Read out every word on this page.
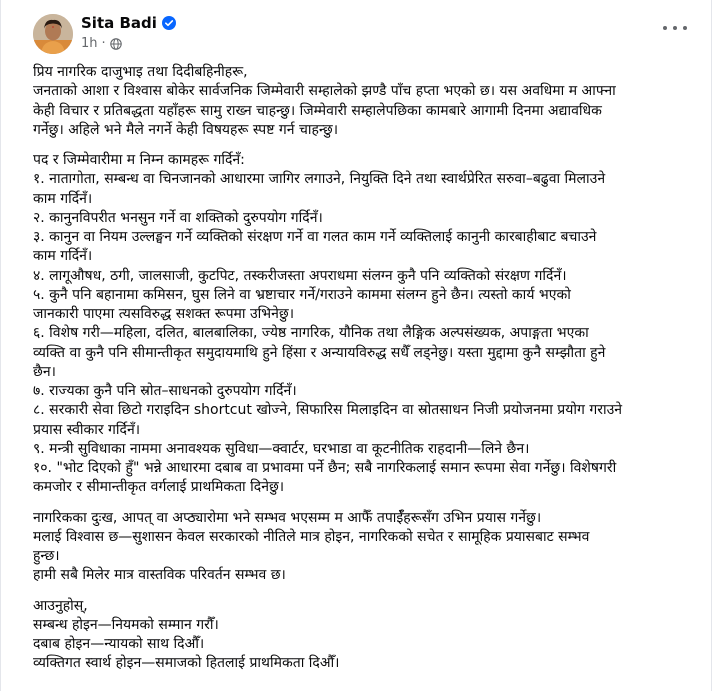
Sita Badi
1h ·
प्रिय नागरिक दाजुभाइ तथा दिदीबहिनीहरू,
जनताको आशा र विश्वास बोकेर सार्वजनिक जिम्मेवारी सम्हालेको झण्डै पाँच हप्ता भएको छ। यस अवधिमा म आफ्ना
केही विचार र प्रतिबद्धता यहाँहरू सामु राख्न चाहन्छु। जिम्मेवारी सम्हालेपछिका कामबारे आगामी दिनमा अद्यावधिक
गर्नेछु। अहिले भने मैले नगर्ने केही विषयहरू स्पष्ट गर्न चाहन्छु।
पद र जिम्मेवारीमा म निम्न कामहरू गर्दिनँ:
१. नातागोता, सम्बन्ध वा चिनजानको आधारमा जागिर लगाउने, नियुक्ति दिने तथा स्वार्थप्रेरित सरुवा–बढुवा मिलाउने
काम गर्दिनँ।
२. कानुनविपरीत भनसुन गर्ने वा शक्तिको दुरुपयोग गर्दिनँ।
३. कानुन वा नियम उल्लङ्घन गर्ने व्यक्तिको संरक्षण गर्ने वा गलत काम गर्ने व्यक्तिलाई कानुनी कारबाहीबाट बचाउने
काम गर्दिनँ।
४. लागूऔषध, ठगी, जालसाजी, कुटपिट, तस्करीजस्ता अपराधमा संलग्न कुनै पनि व्यक्तिको संरक्षण गर्दिनँ।
५. कुनै पनि बहानामा कमिसन, घुस लिने वा भ्रष्टाचार गर्ने/गराउने काममा संलग्न हुने छैन। त्यस्तो कार्य भएको
जानकारी पाएमा त्यसविरुद्ध सशक्त रूपमा उभिनेछु।
६. विशेष गरी—महिला, दलित, बालबालिका, ज्येष्ठ नागरिक, यौनिक तथा लैङ्गिक अल्पसंख्यक, अपाङ्गता भएका
व्यक्ति वा कुनै पनि सीमान्तीकृत समुदायमाथि हुने हिंसा र अन्यायविरुद्ध सधैँ लड्नेछु। यस्ता मुद्दामा कुनै सम्झौता हुने
छैन।
७. राज्यका कुनै पनि स्रोत–साधनको दुरुपयोग गर्दिनँ।
८. सरकारी सेवा छिटो गराइदिन shortcut खोज्ने, सिफारिस मिलाइदिन वा स्रोतसाधन निजी प्रयोजनमा प्रयोग गराउने
प्रयास स्वीकार गर्दिनँ।
९. मन्त्री सुविधाका नाममा अनावश्यक सुविधा—क्वार्टर, घरभाडा वा कूटनीतिक राहदानी—लिने छैन।
१०. "भोट दिएको हुँ" भन्ने आधारमा दबाब वा प्रभावमा पर्ने छैन; सबै नागरिकलाई समान रूपमा सेवा गर्नेछु। विशेषगरी
कमजोर र सीमान्तीकृत वर्गलाई प्राथमिकता दिनेछु।
नागरिकका दुःख, आपत् वा अप्ठ्यारोमा भने सम्भव भएसम्म म आफैँ तपाईँहरूसँग उभिन प्रयास गर्नेछु।
मलाई विश्वास छ—सुशासन केवल सरकारको नीतिले मात्र होइन, नागरिकको सचेत र सामूहिक प्रयासबाट सम्भव
हुन्छ।
हामी सबै मिलेर मात्र वास्तविक परिवर्तन सम्भव छ।
आउनुहोस्,
सम्बन्ध होइन—नियमको सम्मान गरौँ।
दबाब होइन—न्यायको साथ दिऔँ।
व्यक्तिगत स्वार्थ होइन—समाजको हितलाई प्राथमिकता दिऔँ।
